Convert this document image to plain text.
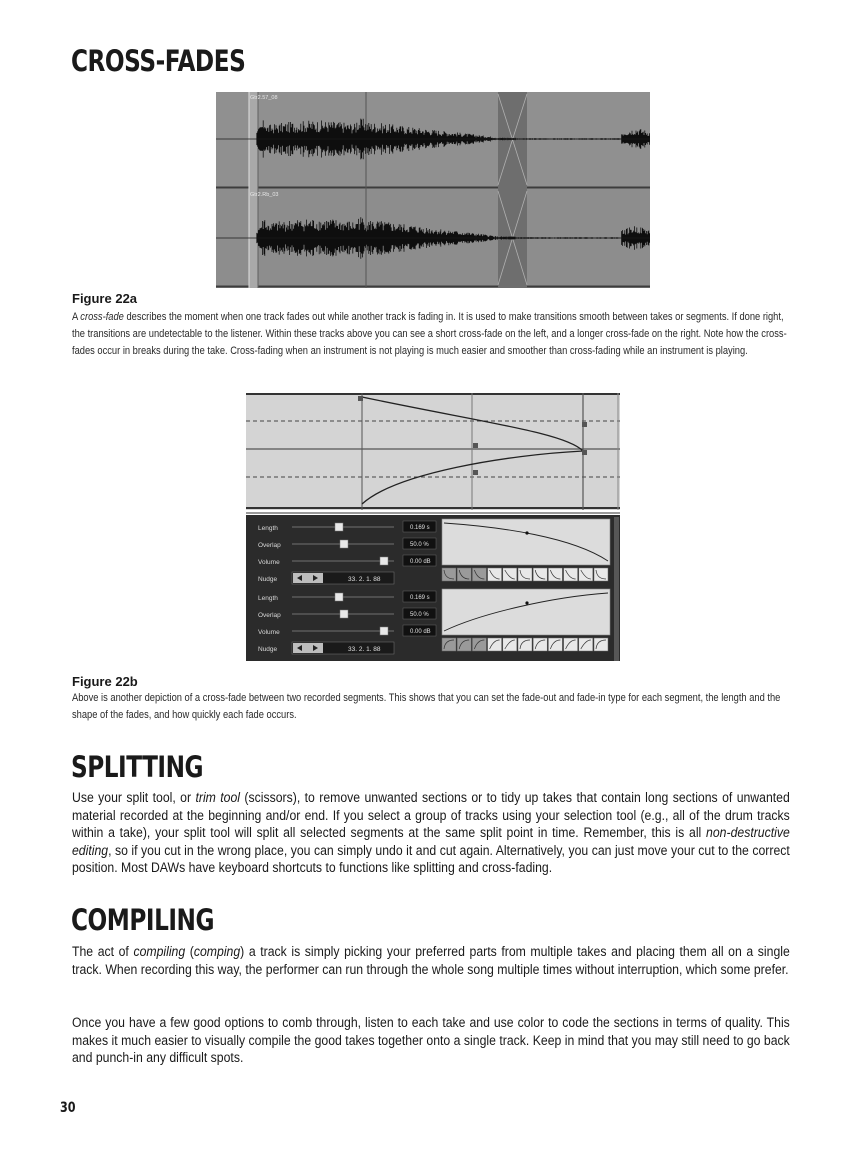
CROSS-FADES
Gtr2.57_08
Gtr2.Rb_03

Figure 22a

A cross-fade describes the moment when one track fades out while another track is fading in. It is used to make transitions smooth between takes or segments. If done right, the transitions are undetectable to the listener. Within these tracks above you can see a short cross-fade on the left, and a longer cross-fade on the right. Note how the cross-fades occur in breaks during the take. Cross-fading when an instrument is not playing is much easier and smoother than cross-fading while an instrument is playing.

Length
Overlap
Volume
Nudge
0.169 s
50.0 %
0.00 dB
33. 2. 1. 88
Length
Overlap
Volume
Nudge
0.169 s
50.0 %
0.00 dB
33. 2. 1. 88

Figure 22b

Above is another depiction of a cross-fade between two recorded segments. This shows that you can set the fade-out and fade-in type for each segment, the length and the shape of the fades, and how quickly each fade occurs.

SPLITTING

Use your split tool, or trim tool (scissors), to remove unwanted sections or to tidy up takes that contain long sections of unwanted material recorded at the beginning and/or end. If you select a group of tracks using your selection tool (e.g., all of the drum tracks within a take), your split tool will split all selected segments at the same split point in time. Remember, this is all non-destructive editing, so if you cut in the wrong place, you can simply undo it and cut again. Alternatively, you can just move your cut to the correct position. Most DAWs have keyboard shortcuts to functions like splitting and cross-fading.

COMPILING

The act of compiling (comping) a track is simply picking your preferred parts from multiple takes and placing them all on a single track. When recording this way, the performer can run through the whole song multiple times without interruption, which some prefer.

Once you have a few good options to comb through, listen to each take and use color to code the sections in terms of quality. This makes it much easier to visually compile the good takes together onto a single track. Keep in mind that you may still need to go back and punch-in any difficult spots.

30
